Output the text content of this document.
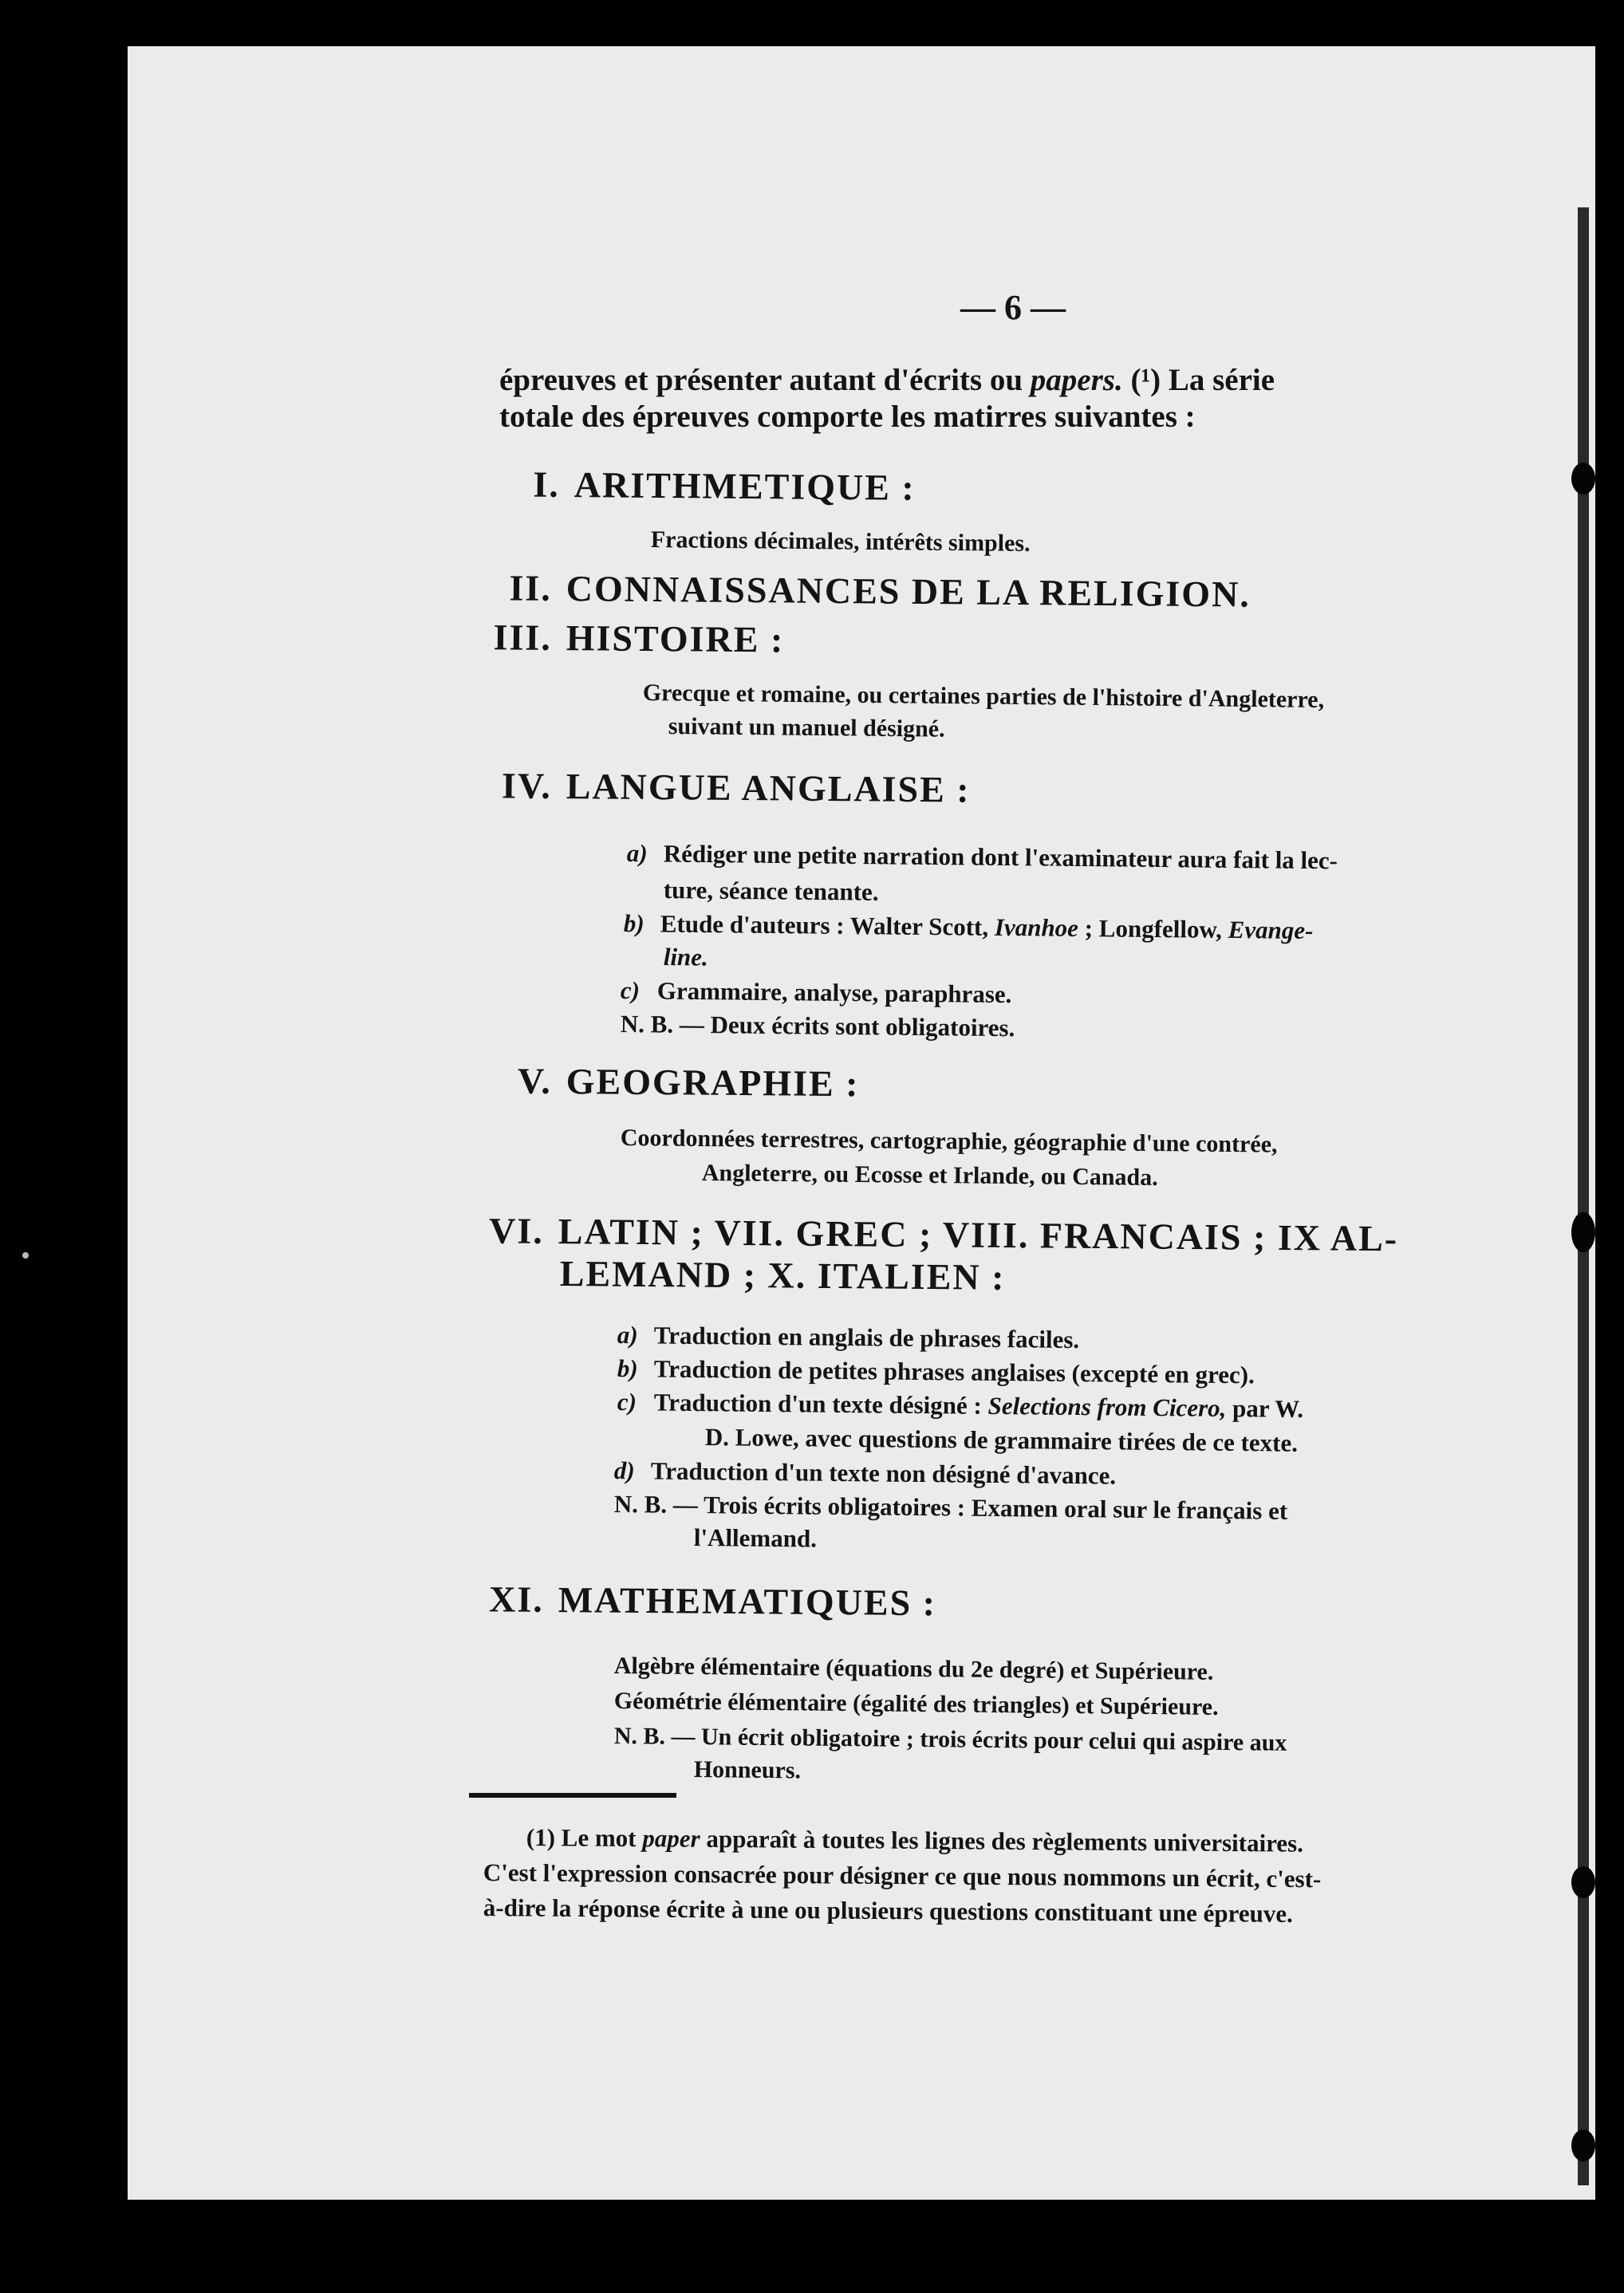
— 6 —

épreuves et présenter autant d'écrits ou papers. (¹) La série

totale des épreuves comporte les matirres suivantes :

I. ARITHMETIQUE :

Fractions décimales, intérêts simples.

II. CONNAISSANCES DE LA RELIGION.

III. HISTOIRE :

Grecque et romaine, ou certaines parties de l'histoire d'Angleterre,

suivant un manuel désigné.

IV. LANGUE ANGLAISE :

a) Rédiger une petite narration dont l'examinateur aura fait la lec-

ture, séance tenante.

b) Etude d'auteurs : Walter Scott, Ivanhoe ; Longfellow, Evange-

line.

c) Grammaire, analyse, paraphrase.

N. B. — Deux écrits sont obligatoires.

V. GEOGRAPHIE :

Coordonnées terrestres, cartographie, géographie d'une contrée,

Angleterre, ou Ecosse et Irlande, ou Canada.

VI. LATIN ; VII. GREC ; VIII. FRANCAIS ; IX AL-

LEMAND ; X. ITALIEN :

a) Traduction en anglais de phrases faciles.

b) Traduction de petites phrases anglaises (excepté en grec).

c) Traduction d'un texte désigné : Selections from Cicero, par W.

D. Lowe, avec questions de grammaire tirées de ce texte.

d) Traduction d'un texte non désigné d'avance.

N. B. — Trois écrits obligatoires : Examen oral sur le français et

l'Allemand.

XI. MATHEMATIQUES :

Algèbre élémentaire (équations du 2e degré) et Supérieure.

Géométrie élémentaire (égalité des triangles) et Supérieure.

N. B. — Un écrit obligatoire ; trois écrits pour celui qui aspire aux

Honneurs.

(1) Le mot paper apparaît à toutes les lignes des règlements universitaires.

C'est l'expression consacrée pour désigner ce que nous nommons un écrit, c'est-

à-dire la réponse écrite à une ou plusieurs questions constituant une épreuve.
